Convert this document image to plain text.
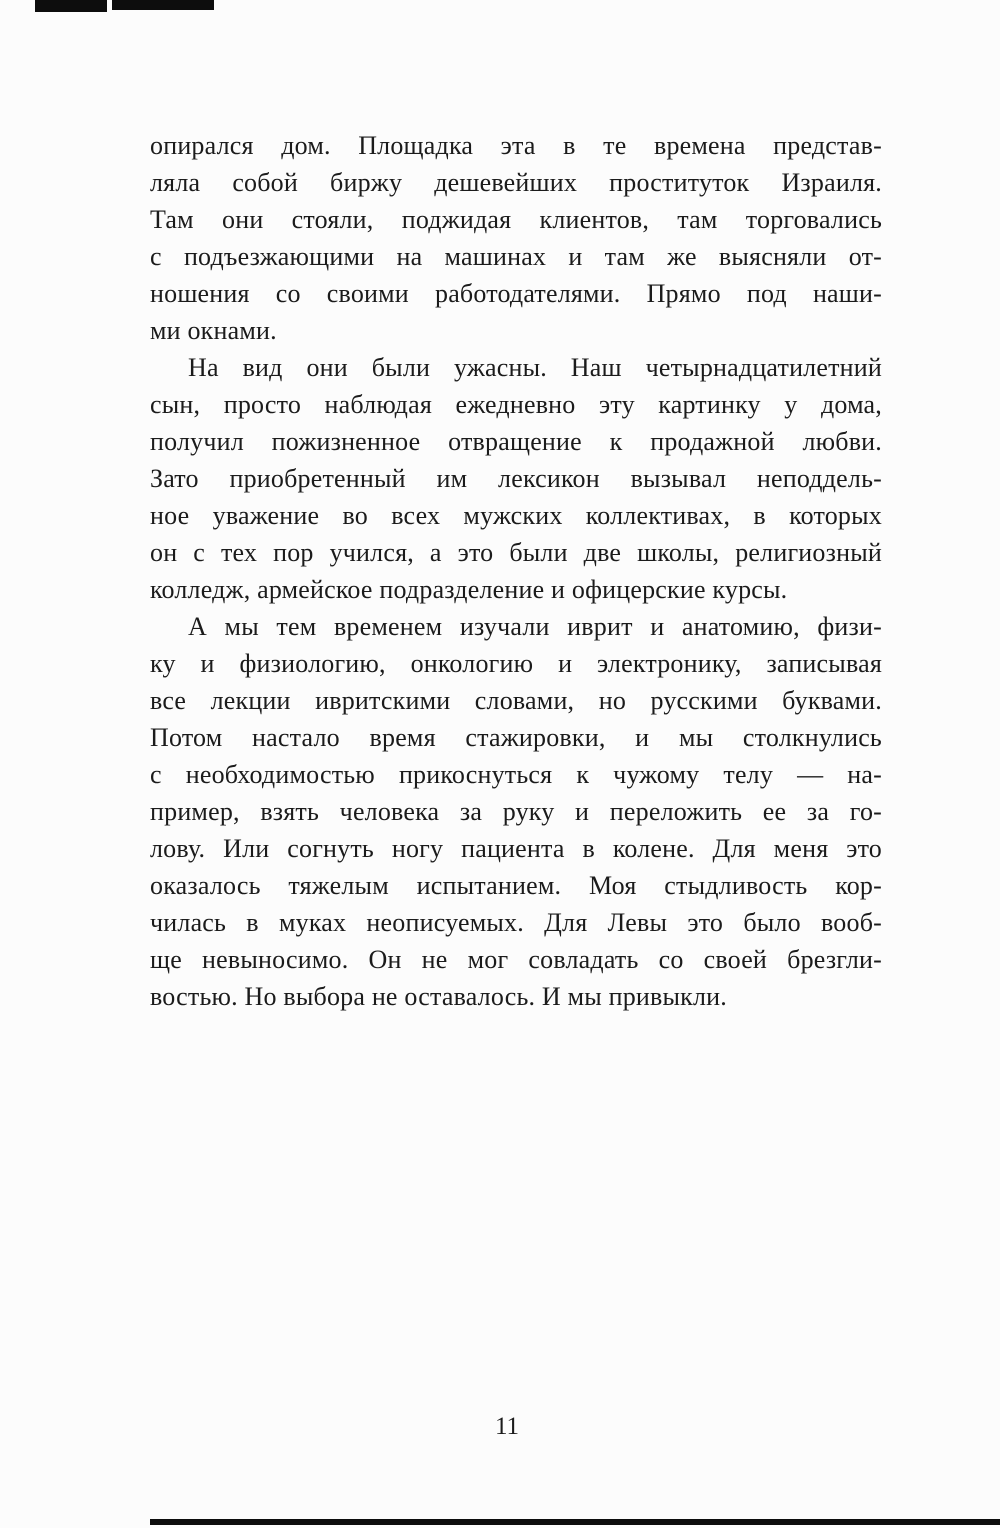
опирался дом. Площадка эта в те времена представ-
ляла собой биржу дешевейших проституток Израиля.
Там они стояли, поджидая клиентов, там торговались
с подъезжающими на машинах и там же выясняли от-
ношения со своими работодателями. Прямо под наши-
ми окнами.

На вид они были ужасны. Наш четырнадцатилетний
сын, просто наблюдая ежедневно эту картинку у дома,
получил пожизненное отвращение к продажной любви.
Зато приобретенный им лексикон вызывал неподдель-
ное уважение во всех мужских коллективах, в которых
он с тех пор учился, а это были две школы, религиозный
колледж, армейское подразделение и офицерские курсы.

А мы тем временем изучали иврит и анатомию, физи-
ку и физиологию, онкологию и электронику, записывая
все лекции ивритскими словами, но русскими буквами.
Потом настало время стажировки, и мы столкнулись
с необходимостью прикоснуться к чужому телу — на-
пример, взять человека за руку и переложить ее за го-
лову. Или согнуть ногу пациента в колене. Для меня это
оказалось тяжелым испытанием. Моя стыдливость кор-
чилась в муках неописуемых. Для Левы это было вооб-
ще невыносимо. Он не мог совладать со своей брезгли-
востью. Но выбора не оставалось. И мы привыкли.

11
